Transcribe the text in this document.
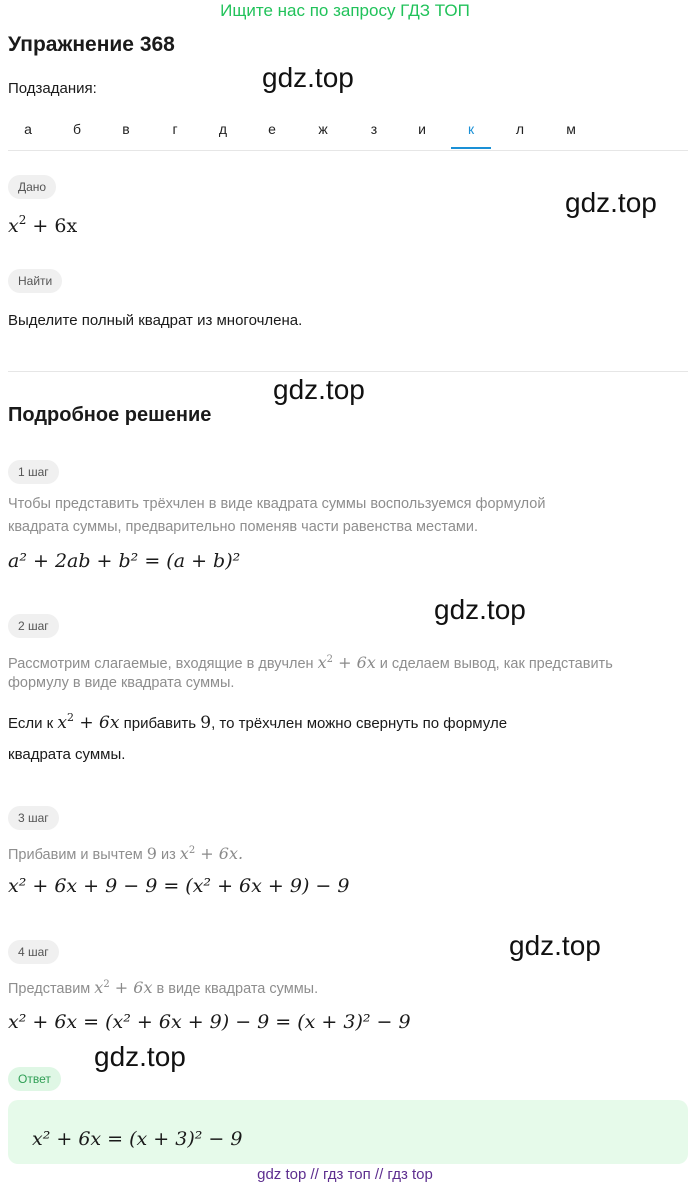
Ищите нас по запросу ГДЗ ТОП
Упражнение 368
Подзадания:	gdz.top
gdz.top
gdz.top
gdz.top
gdz.top
gdz.top
а	б	в	г	д	е	ж	з	и	к	л	м
Дано
$x^2 + 6x$
Найти
Выделите полный квадрат из многочлена.
Подробное решение
1 шаг
Чтобы представить трёхчлен в виде квадрата суммы воспользуемся формулой
квадрата суммы, предварительно поменяв части равенства местами.
a² + 2ab + b² = (a + b)²
2 шаг
Рассмотрим слагаемые, входящие в двучлен $x^2 + 6x$ и сделаем вывод, как представить
формулу в виде квадрата суммы.
Если к $x^2 + 6x$ прибавить 9, то трёхчлен можно свернуть по формуле
квадрата суммы.
3 шаг
Прибавим и вычтем 9 из $x^2 + 6x$.
x² + 6x + 9 − 9 = (x² + 6x + 9) − 9
4 шаг
Представим $x^2 + 6x$ в виде квадрата суммы.
x² + 6x = (x² + 6x + 9) − 9 = (x + 3)² − 9
Ответ
x² + 6x = (x + 3)² − 9
gdz top // гдз топ // гдз top
